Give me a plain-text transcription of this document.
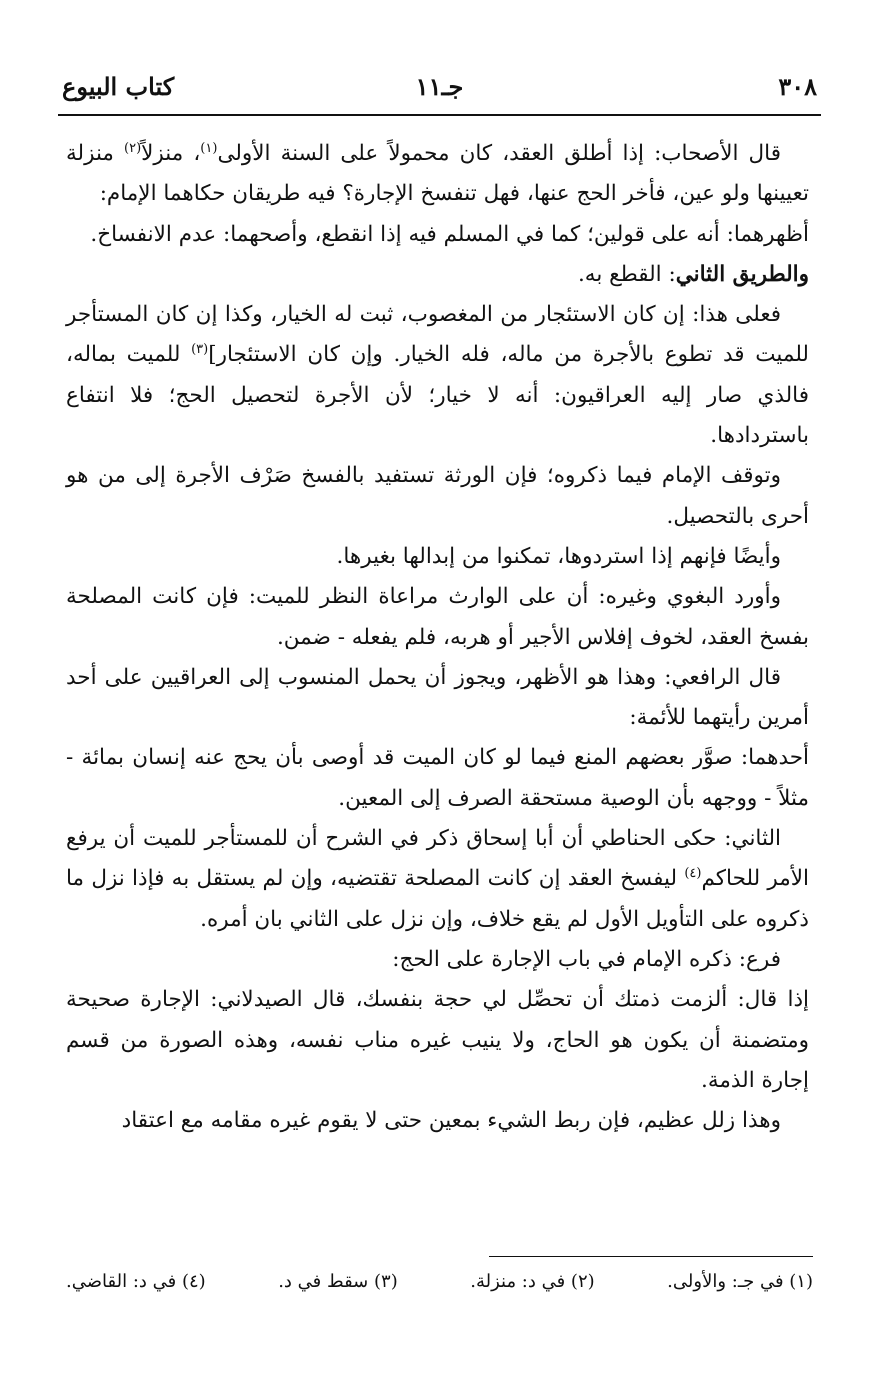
٣٠٨
جـ١١
كتاب البيوع

قال الأصحاب: إذا أطلق العقد، كان محمولاً على السنة الأولى$^{(١)}$، منزلاً$^{(٢)}$ منزلة تعيينها ولو عين، فأخر الحج عنها، فهل تنفسخ الإجارة؟ فيه طريقان حكاهما الإمام:

أظهرهما: أنه على قولين؛ كما في المسلم فيه إذا انقطع، وأصحهما: عدم الانفساخ.

والطريق الثاني: القطع به.

فعلى هذا: إن كان الاستئجار من المغصوب، ثبت له الخيار، وكذا إن كان المستأجر للميت قد تطوع بالأجرة من ماله، فله الخيار. وإن كان الاستئجار]$^{(٣)}$ للميت بماله، فالذي صار إليه العراقيون: أنه لا خيار؛ لأن الأجرة لتحصيل الحج؛ فلا انتفاع باستردادها.

وتوقف الإمام فيما ذكروه؛ فإن الورثة تستفيد بالفسخ صَرْف الأجرة إلى من هو أحرى بالتحصيل.

وأيضًا فإنهم إذا استردوها، تمكنوا من إبدالها بغيرها.

وأورد البغوي وغيره: أن على الوارث مراعاة النظر للميت: فإن كانت المصلحة بفسخ العقد، لخوف إفلاس الأجير أو هربه، فلم يفعله - ضمن.

قال الرافعي: وهذا هو الأظهر، ويجوز أن يحمل المنسوب إلى العراقيين على أحد أمرين رأيتهما للأئمة:

أحدهما: صوَّر بعضهم المنع فيما لو كان الميت قد أوصى بأن يحج عنه إنسان بمائة - مثلاً - ووجهه بأن الوصية مستحقة الصرف إلى المعين.

الثاني: حكى الحناطي أن أبا إسحاق ذكر في الشرح أن للمستأجر للميت أن يرفع الأمر للحاكم$^{(٤)}$ ليفسخ العقد إن كانت المصلحة تقتضيه، وإن لم يستقل به فإذا نزل ما ذكروه على التأويل الأول لم يقع خلاف، وإن نزل على الثاني بان أمره.

فرع: ذكره الإمام في باب الإجارة على الحج:

إذا قال: ألزمت ذمتك أن تحصِّل لي حجة بنفسك، قال الصيدلاني: الإجارة صحيحة ومتضمنة أن يكون هو الحاج، ولا ينيب غيره مناب نفسه، وهذه الصورة من قسم إجارة الذمة.

وهذا زلل عظيم، فإن ربط الشيء بمعين حتى لا يقوم غيره مقامه مع اعتقاد

(١) في جـ: والأولى.
(٢) في د: منزلة.
(٣) سقط في د.
(٤) في د: القاضي.
